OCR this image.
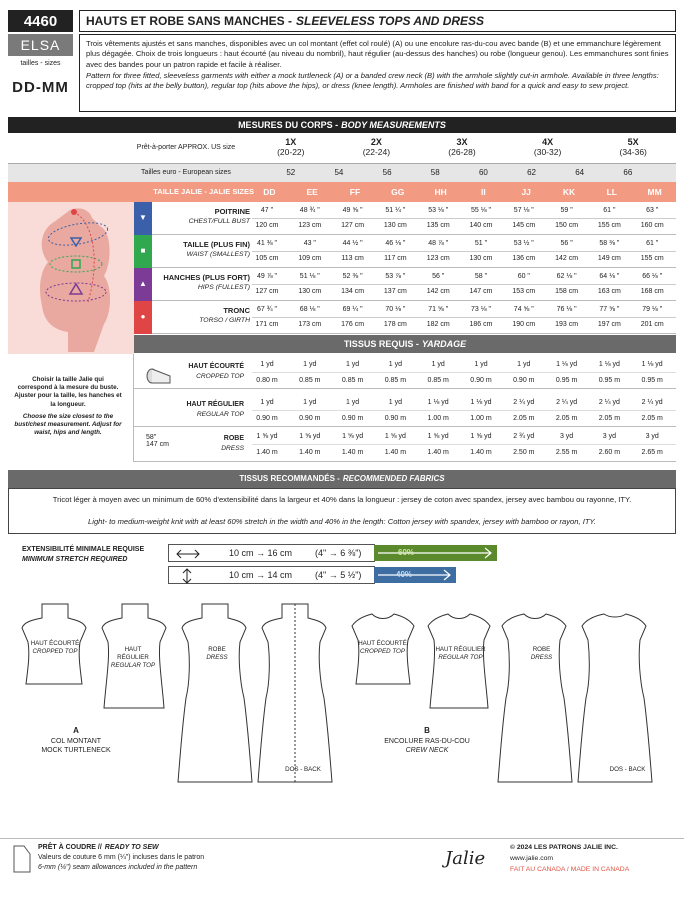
4460
ELSA
tailles - sizes
DD-MM
HAUTS ET ROBE SANS MANCHES - SLEEVELESS TOPS AND DRESS
Trois vêtements ajustés et sans manches, disponibles avec un col montant (effet col roulé) (A) ou une encolure ras-du-cou avec bande (B) et une emmanchure légèrement plus dégagée. Choix de trois longueurs : haut écourté (au niveau du nombril), haut régulier (au-dessus des hanches) ou robe (longueur genou). Les emmanchures sont finies avec des bandes pour un patron rapide et facile à réaliser.
Pattern for three fitted, sleeveless garments with either a mock turtleneck (A) or a banded crew neck (B) with the armhole slightly cut-in armhole. Available in three lengths: cropped top (hits at the belly button), regular top (hits above the hips), or dress (knee length). Armholes are finished with band for a quick and easy to sew project.
MESURES DU CORPS - BODY MEASUREMENTS
Prêt-à-porter APPROX. US size
1X
(20-22)
2X
(22-24)
3X
(26-28)
4X
(30-32)
5X
(34-36)
Tailles euro - European sizes	52	54	56	58	60	62	64	66
TAILLE JALIE - JALIE SIZES	DD	EE	FF	GG	HH	II	JJ	KK	LL	MM
▼
POITRINE
CHEST/FULL BUST
47 "	48 ¾ "	49 ⅝ "	51 ¼ "	53 ⅛ "	55 ⅛ "	57 ⅛ "	59 "	61 "	63 "
120 cm	123 cm	127 cm	130 cm	135 cm	140 cm	145 cm	150 cm	155 cm	160 cm
■
TAILLE (PLUS FIN)
WAIST (SMALLEST)
41 ⅜ "	43 "	44 ½ "	46 ⅛ "	48 ⅞ "	51 "	53 ½ "	56 "	58 ⅜ "	61 "
105 cm	109 cm	113 cm	117 cm	123 cm	130 cm	136 cm	142 cm	149 cm	155 cm
▲
HANCHES (PLUS FORT)
HIPS (FULLEST)
49 ⅞ "	51 ⅛ "	52 ⅜ "	53 ⅞ "	56 "	58 "	60 "	62 ⅛ "	64 ⅛ "	66 ⅛ "
127 cm	130 cm	134 cm	137 cm	142 cm	147 cm	153 cm	158 cm	163 cm	168 cm
●
TRONC
TORSO / GIRTH
67 ¾ "	68 ⅛ "	69 ¼ "	70 ⅛ "	71 ⅝ "	73 ⅛ "	74 ⅝ "	76 ⅛ "	77 ⅝ "	79 ⅛ "
171 cm	173 cm	176 cm	178 cm	182 cm	186 cm	190 cm	193 cm	197 cm	201 cm
TISSUS REQUIS - YARDAGE
Choisir la taille Jalie qui correspond à la mesure du buste. Ajuster pour la taille, les hanches et la longueur.
Choose the size closest to the bust/chest measurement. Adjust for waist, hips and length.
58"
147 cm
HAUT ÉCOURTÉ
CROPPED TOP
1 yd	1 yd	1 yd	1 yd	1 yd	1 yd	1 yd	1 ⅛ yd	1 ⅛ yd	1 ⅛ yd
0.80 m	0.85 m	0.85 m	0.85 m	0.85 m	0.90 m	0.90 m	0.95 m	0.95 m	0.95 m
HAUT RÉGULIER
REGULAR TOP
1 yd	1 yd	1 yd	1 yd	1 ⅛ yd	1 ⅛ yd	2 ¼ yd	2 ¼ yd	2 ¼ yd	2 ¼ yd
0.90 m	0.90 m	0.90 m	0.90 m	1.00 m	1.00 m	2.05 m	2.05 m	2.05 m	2.05 m
ROBE
DRESS
1 ⅝ yd	1 ⅝ yd	1 ⅝ yd	1 ⅝ yd	1 ⅝ yd	1 ⅝ yd	2 ¾ yd	3 yd	3 yd	3 yd
1.40 m	1.40 m	1.40 m	1.40 m	1.40 m	1.40 m	2.50 m	2.55 m	2.60 m	2.65 m
TISSUS RECOMMANDÉS - RECOMMENDED FABRICS
Tricot léger à moyen avec un minimum de 60% d'extensibilité dans la largeur et 40% dans la longueur : jersey de coton avec spandex, jersey avec bambou ou rayonne, ITY.
Light- to medium-weight knit with at least 60% stretch in the width and 40% in the length: Cotton jersey with spandex, jersey with bamboo or rayon, ITY.
EXTENSIBILITÉ MINIMALE REQUISE
MINIMUM STRETCH REQUIRED
10 cm → 16 cm	(4" → 6 ⅜")	60%
10 cm → 14 cm	(4" → 5 ½")	40%
HAUT ÉCOURTÉ
CROPPED TOP	HAUT RÉGULIER
REGULAR TOP
ROBE
DRESS
DOS - BACK
A
COL MONTANT
MOCK TURTLENECK
HAUT ÉCOURTÉ
CROPPED TOP	HAUT RÉGULIER
REGULAR TOP
ROBE
DRESS
DOS - BACK
B
ENCOLURE RAS-DU-COU
CREW NECK
PRÊT À COUDRE // READY TO SEW
Valeurs de couture 6 mm (¼") incluses dans le patron
6-mm (¼") seam allowances included in the pattern	Jalie
© 2024 LES PATRONS JALIE INC.
www.jalie.com
FAIT AU CANADA / MADE IN CANADA
